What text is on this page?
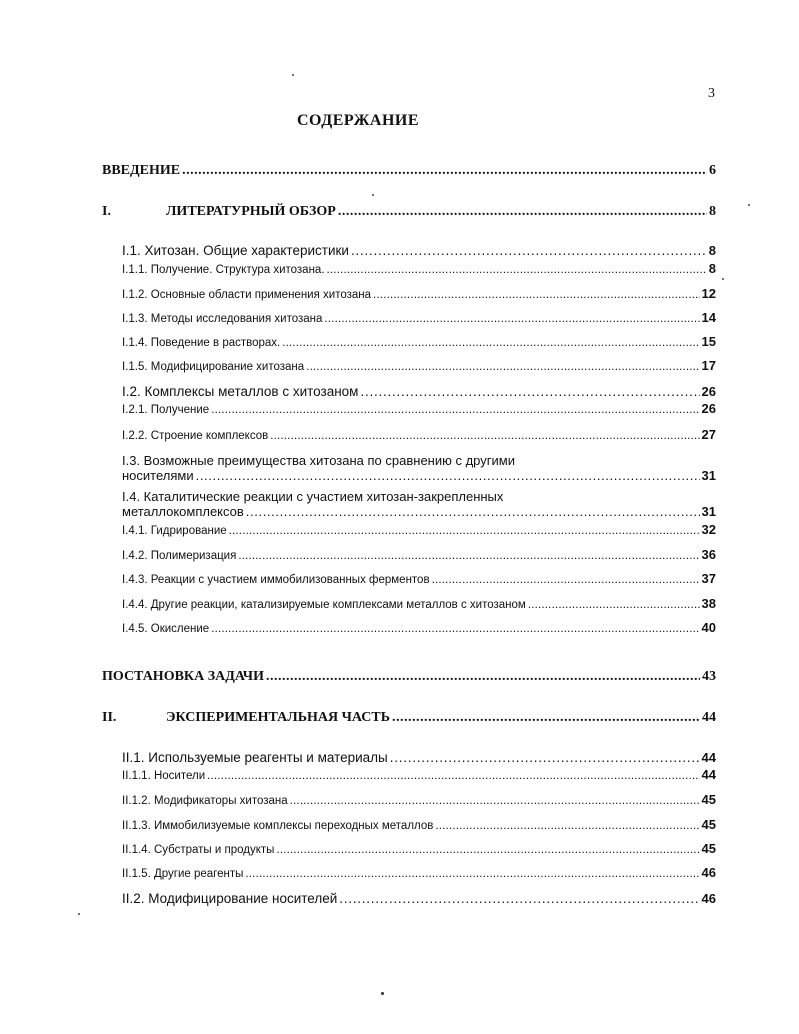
3
СОДЕРЖАНИЕ
ВВЕДЕНИЕ . . .	6
I.	ЛИТЕРАТУРНЫЙ ОБЗОР . . .	8
I.1. Хитозан. Общие характеристики . . .	8
I.1.1. Получение. Структура хитозана. . . .	8
I.1.2. Основные области применения хитозана . . .	12
I.1.3. Методы исследования хитозана . . .	14
I.1.4. Поведение в растворах. . . .	15
I.1.5. Модифицирование хитозана . . .	17
I.2. Комплексы металлов с хитозаном . . .	26
I.2.1. Получение . . .	26
I.2.2. Строение комплексов . . .	27
I.3. Возможные преимущества хитозана по сравнению с другими
носителями . . .	31
I.4. Каталитические реакции с участием хитозан-закрепленных
металлокомплексов . . .	31
I.4.1. Гидрирование . . .	32
I.4.2. Полимеризация . . .	36
I.4.3. Реакции с участием иммобилизованных ферментов . . .	37
I.4.4. Другие реакции, катализируемые комплексами металлов с хитозаном . . .	38
I.4.5. Окисление . . .	40
ПОСТАНОВКА ЗАДАЧИ . . .	43
II.	ЭКСПЕРИМЕНТАЛЬНАЯ ЧАСТЬ . . .	44
II.1. Используемые реагенты и материалы . . .	44
II.1.1. Носители . . .	44
II.1.2. Модификаторы хитозана . . .	45
II.1.3. Иммобилизуемые комплексы переходных металлов . . .	45
II.1.4. Субстраты и продукты . . .	45
II.1.5. Другие реагенты . . .	46
II.2. Модифицирование носителей . . .	46
